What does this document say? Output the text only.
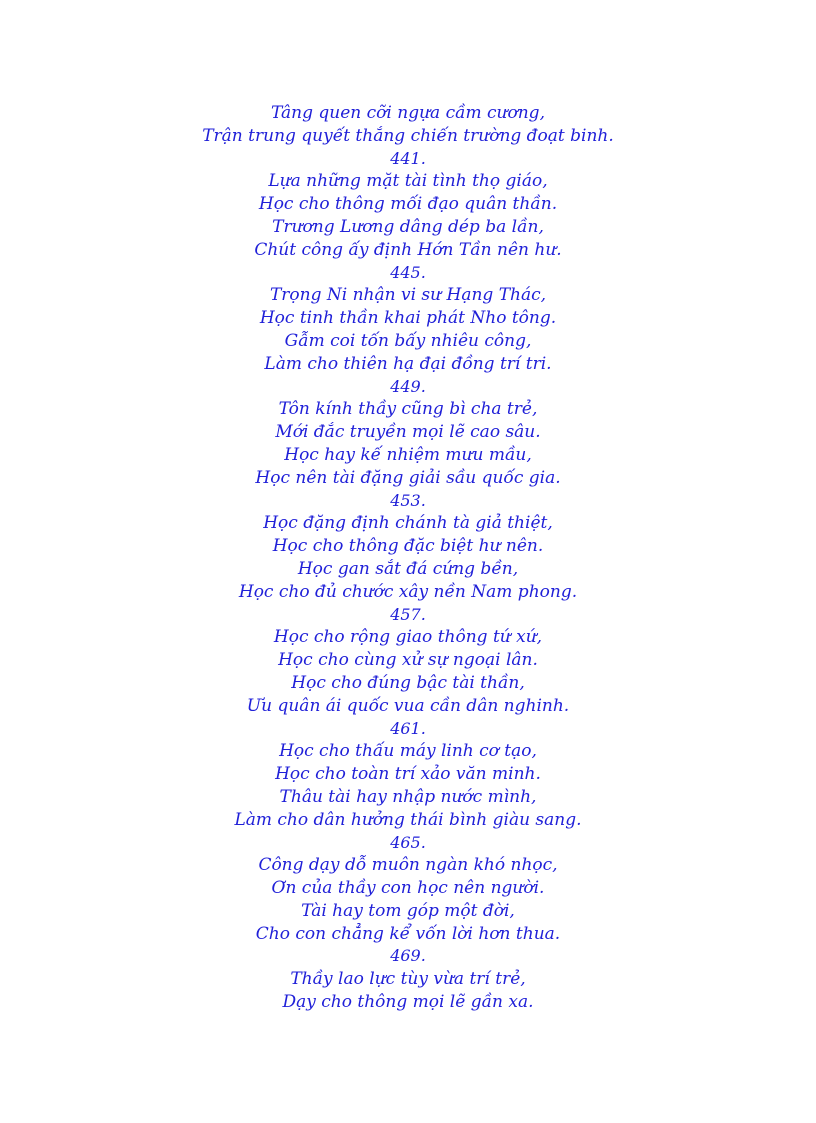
Tâng quen cỡi ngựa cầm cương,
Trận trung quyết thắng chiến trường đoạt binh.
441.
Lựa những mặt tài tình thọ giáo,
Học cho thông mối đạo quân thần.
Trương Lương dâng dép ba lần,
Chút công ấy định Hớn Tần nên hư.
445.
Trọng Ni nhận vi sư Hạng Thác,
Học tinh thần khai phát Nho tông.
Gẫm coi tốn bấy nhiêu công,
Làm cho thiên hạ đại đồng trí tri.
449.
Tôn kính thầy cũng bì cha trẻ,
Mới đắc truyền mọi lẽ cao sâu.
Học hay kế nhiệm mưu mầu,
Học nên tài đặng giải sầu quốc gia.
453.
Học đặng định chánh tà giả thiệt,
Học cho thông đặc biệt hư nên.
Học gan sắt đá cứng bền,
Học cho đủ chước xây nền Nam phong.
457.
Học cho rộng giao thông tứ xứ,
Học cho cùng xử sự ngoại lân.
Học cho đúng bậc tài thần,
Ưu quân ái quốc vua cần dân nghinh.
461.
Học cho thấu máy linh cơ tạo,
Học cho toàn trí xảo văn minh.
Thâu tài hay nhập nước mình,
Làm cho dân hưởng thái bình giàu sang.
465.
Công dạy dỗ muôn ngàn khó nhọc,
Ơn của thầy con học nên người.
Tài hay tom góp một đời,
Cho con chẳng kể vốn lời hơn thua.
469.
Thầy lao lực tùy vừa trí trẻ,
Dạy cho thông mọi lẽ gần xa.
